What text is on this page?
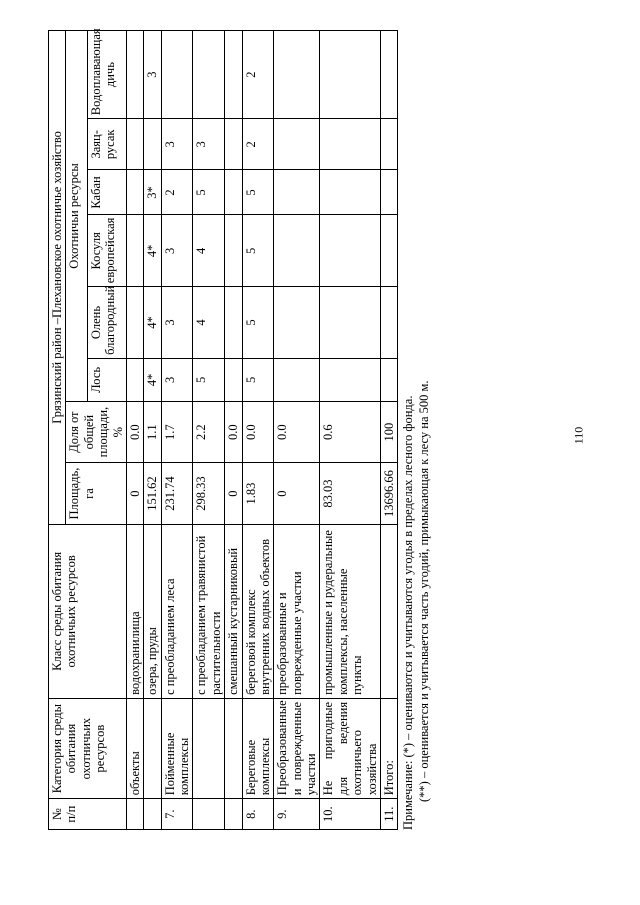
№ п/п	Категория среды обитания охотничьих ресурсов	Класс среды обитания охотничьих ресурсов	Грязинский район –Плехановское охотничье хозяйство							
			Площадь, га	Доля от общей площади, %	Охотничьи ресурсы					
					Лось	Олень благородный	Косуля европейская	Кабан	Заяц-русак	Водоплавающая дичь
	объекты	водохранилища	0	0.0						
		озера, пруды	151.62	1.1	4*	4*	4*	3*		3
7.	Пойменные комплексы	с преобладанием леса	231.74	1.7	3	3	3	2	3	
		с преобладанием травянистой растительности	298.33	2.2	5	4	4	5	3	
		смешанный кустарниковый	0	0.0						
8.	Береговые комплексы	береговой комплекс внутренних водных объектов	1.83	0.0	5	5	5	5	2	2
9.	Преобразованные и поврежденные участки	преобразованные и поврежденные участки	0	0.0						
10.	Не пригодные для ведения охотничьего хозяйства	промышленные и рудеральные комплексы, населенные пункты	83.03	0.6						
11.	Итого:		13696.66	100						Примечание: (*) – оцениваются и учитываются угодья в пределах лесного фонда. (**) – оценивается и учитывается часть угодий, примыкающая к лесу на 500 м.	110
